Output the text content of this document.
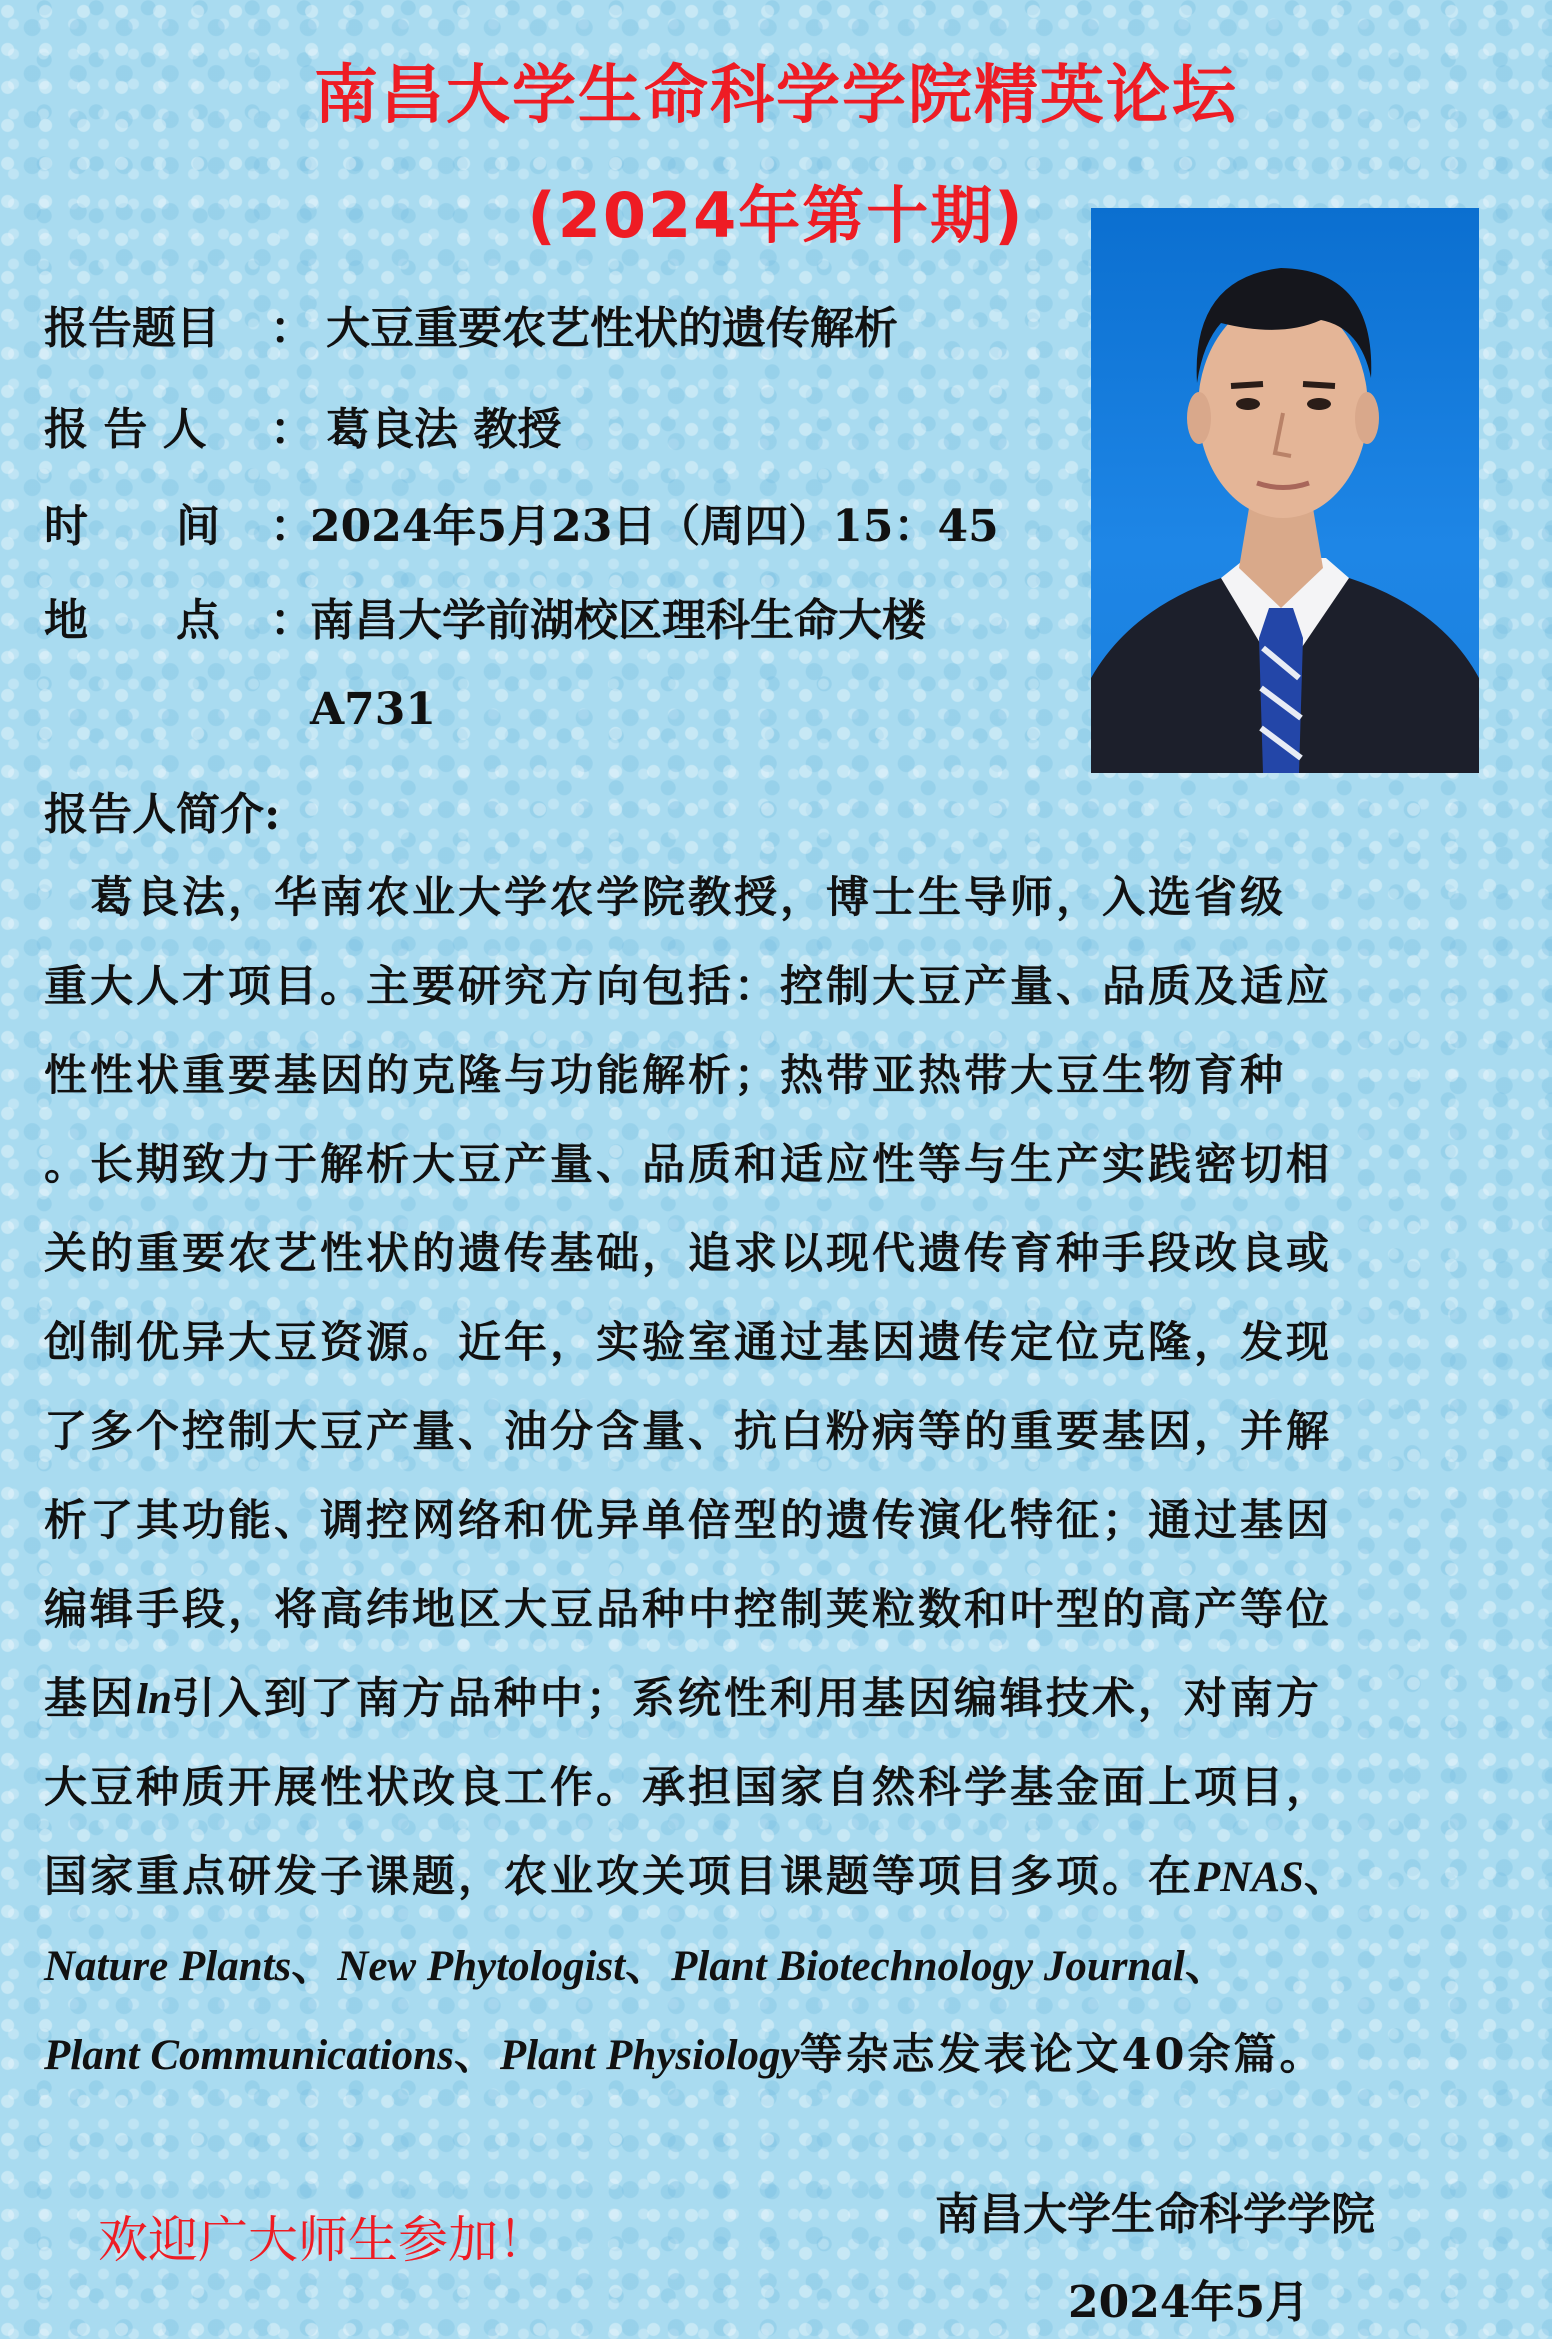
南昌大学生命科学学院精英论坛
(2024年第十期)
报告题目 ： 大豆重要农艺性状的遗传解析
报 告 人 ： 葛良法 教授
时　　间 ：
2024年5月23日（周四）15：45
地　　点 ：
南昌大学前湖校区理科生命大楼
A731
报告人简介:
　葛良法，华南农业大学农学院教授，博士生导师，入选省级
重大人才项目。主要研究方向包括：控制大豆产量、品质及适应
性性状重要基因的克隆与功能解析；热带亚热带大豆生物育种
。长期致力于解析大豆产量、品质和适应性等与生产实践密切相
关的重要农艺性状的遗传基础，追求以现代遗传育种手段改良或
创制优异大豆资源。近年，实验室通过基因遗传定位克隆，发现
了多个控制大豆产量、油分含量、抗白粉病等的重要基因，并解
析了其功能、调控网络和优异单倍型的遗传演化特征；通过基因
编辑手段，将高纬地区大豆品种中控制荚粒数和叶型的高产等位
基因ln引入到了南方品种中；系统性利用基因编辑技术，对南方
大豆种质开展性状改良工作。承担国家自然科学基金面上项目，
国家重点研发子课题，农业攻关项目课题等项目多项。在PNAS、
Nature Plants、New Phytologist、Plant Biotechnology Journal、
Plant Communications、Plant Physiology等杂志发表论文40余篇。
欢迎广大师生参加！	南昌大学生命科学学院
2024年5月
